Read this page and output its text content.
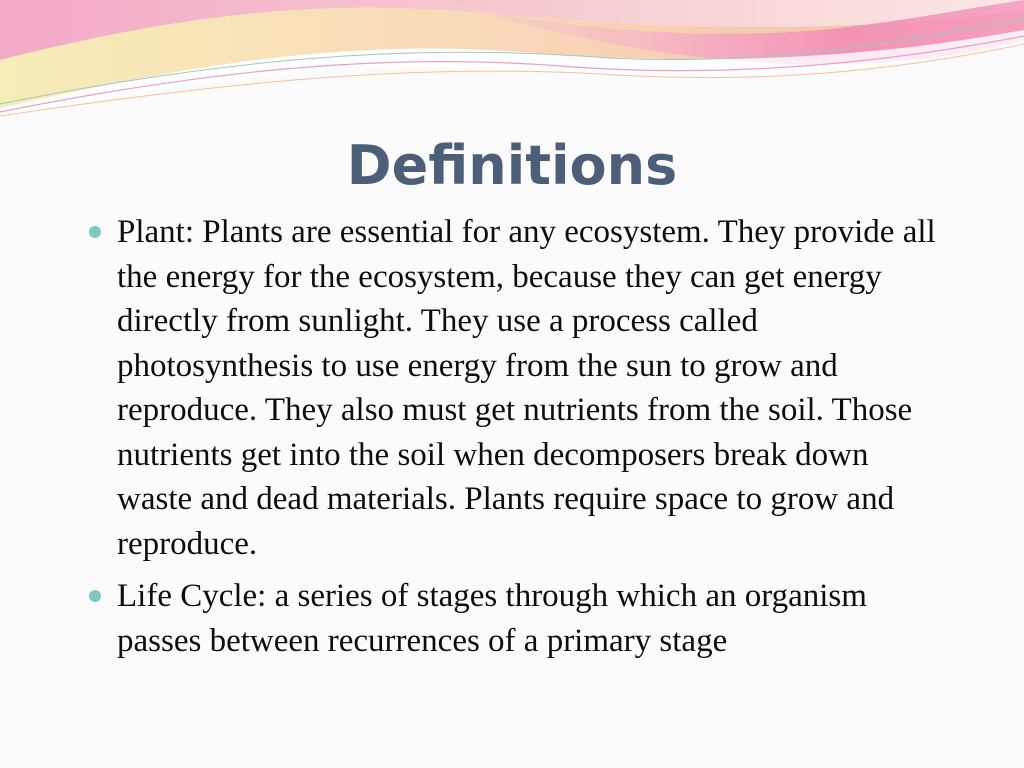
Definitions
Plant: Plants are essential for any ecosystem. They provide all the energy for the ecosystem, because they can get energy directly from sunlight. They use a process called photosynthesis to use energy from the sun to grow and reproduce. They also must get nutrients from the soil. Those nutrients get into the soil when decomposers break down waste and dead materials. Plants require space to grow and reproduce.
Life Cycle: a series of stages through which an organism passes between recurrences of a primary stage
